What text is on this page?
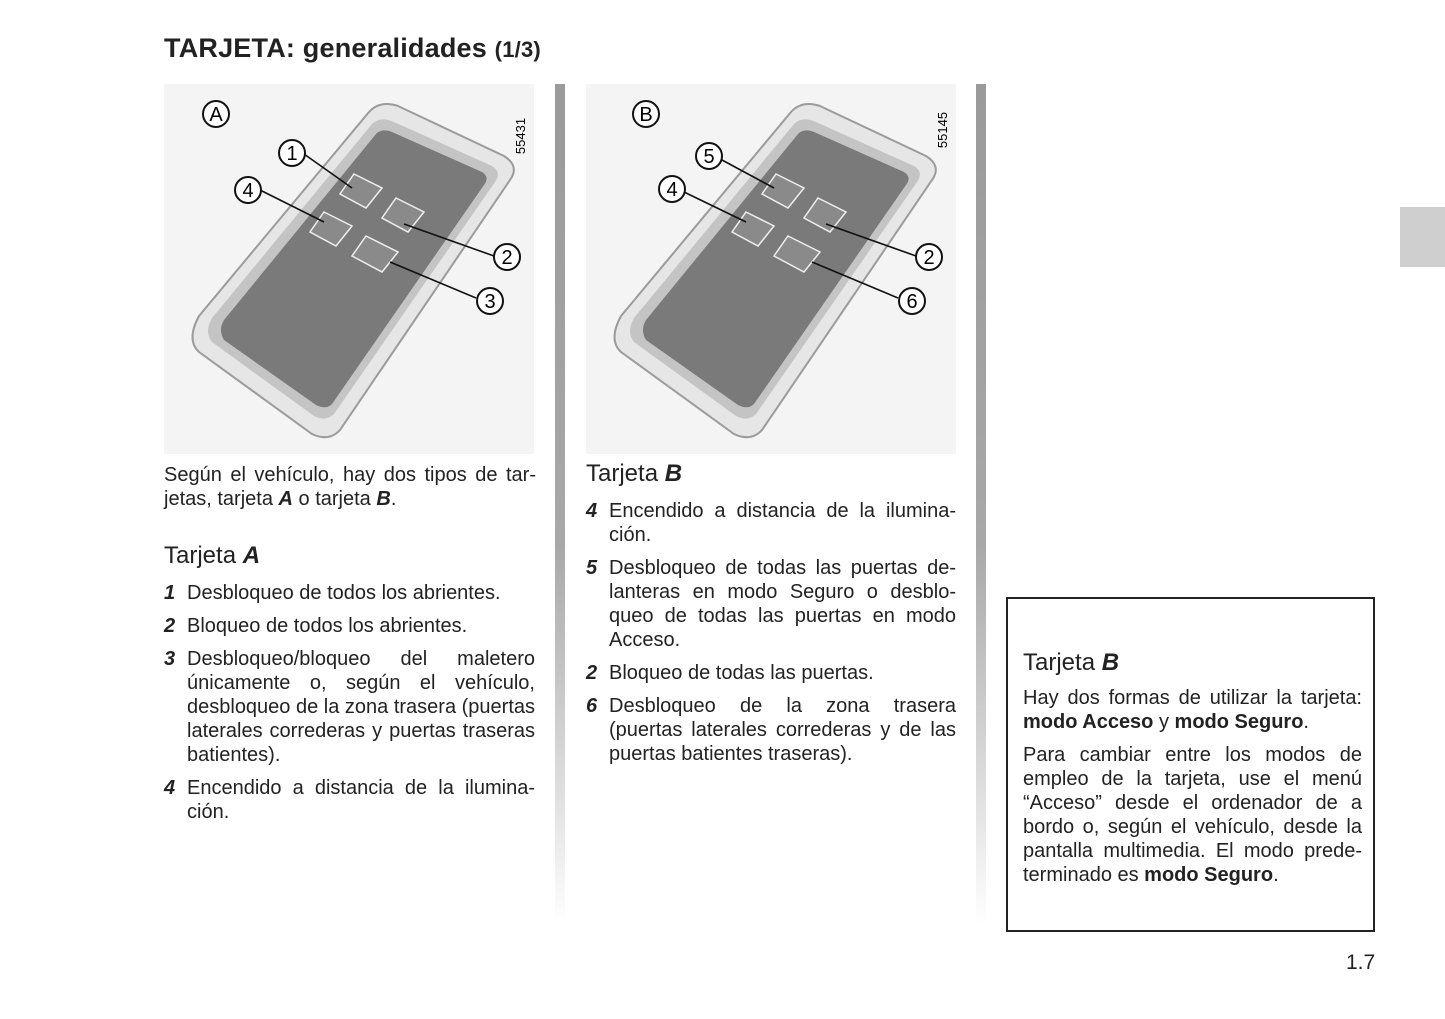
TARJETA: generalidades (1/3)
A
1
4
2
3
55431
B
5
4
2
6
55145
Según el vehículo, hay dos tipos de tarjetas, tarjeta A o tarjeta B.
Tarjeta A
1 Desbloqueo de todos los abrientes.
2 Bloqueo de todos los abrientes.
3 Desbloqueo/bloqueo del maletero únicamente o, según el vehículo, desbloqueo de la zona trasera (puertas laterales correderas y puertas traseras batientes).
4 Encendido a distancia de la iluminación.
Tarjeta B
4 Encendido a distancia de la iluminación.
5 Desbloqueo de todas las puertas delanteras en modo Seguro o desbloqueo de todas las puertas en modo Acceso.
2 Bloqueo de todas las puertas.
6 Desbloqueo de la zona trasera (puertas laterales correderas y de las puertas batientes traseras).
Tarjeta B
Hay dos formas de utilizar la tarjeta: modo Acceso y modo Seguro.
Para cambiar entre los modos de empleo de la tarjeta, use el menú “Acceso” desde el ordenador de a bordo o, según el vehículo, desde la pantalla multimedia. El modo predeterminado es modo Seguro.
1.7
